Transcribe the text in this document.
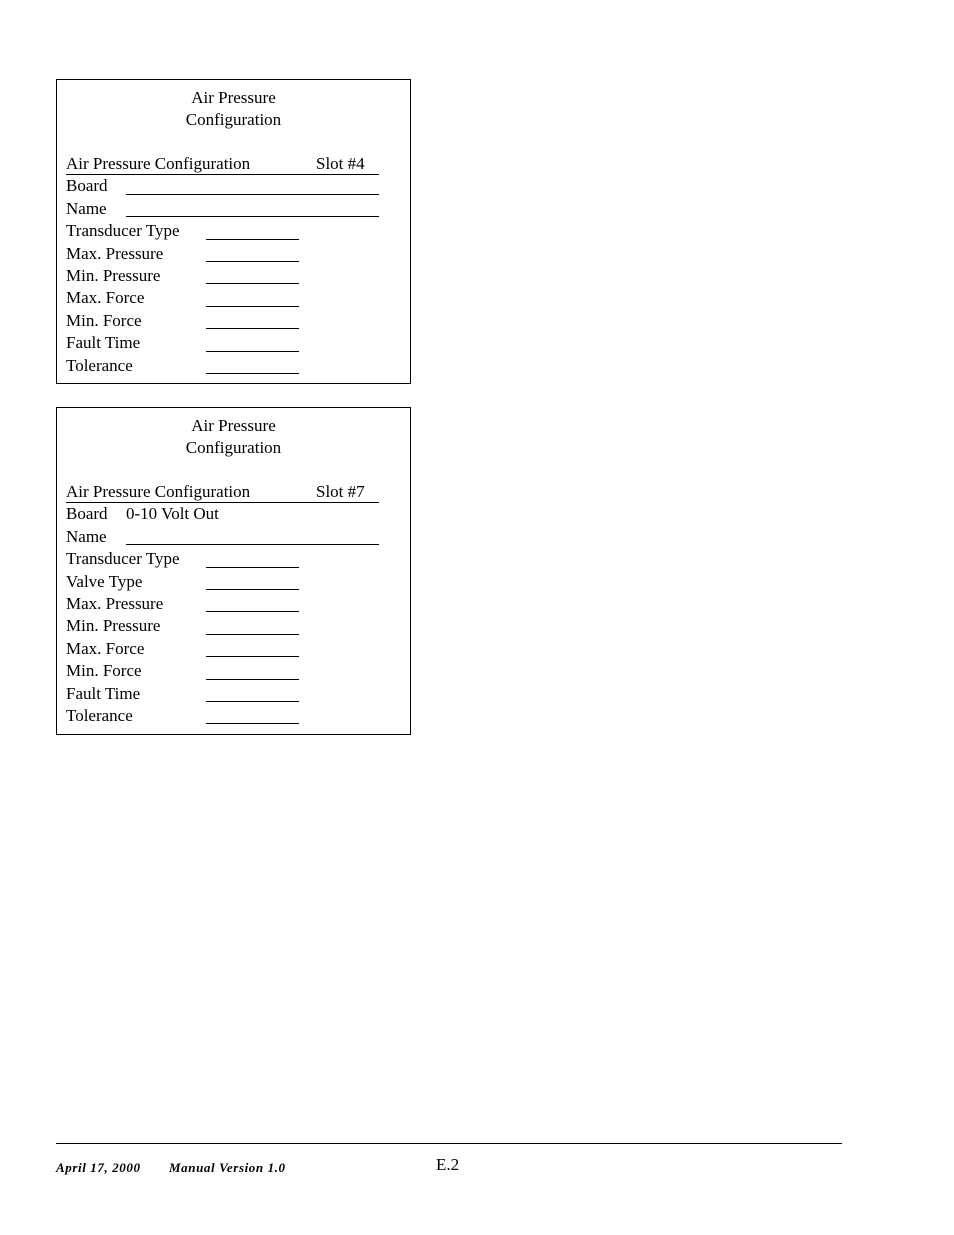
Air Pressure
Configuration
Air Pressure Configuration	Slot #4
Board
Name
Transducer Type
Max. Pressure
Min. Pressure
Max. Force
Min. Force
Fault Time
Tolerance
Air Pressure
Configuration
Air Pressure Configuration	Slot #7
Board 0-10 Volt Out
Name
Transducer Type
Valve Type
Max. Pressure
Min. Pressure
Max. Force
Min. Force
Fault Time
Tolerance
April 17, 2000 Manual Version 1.0	E.2
